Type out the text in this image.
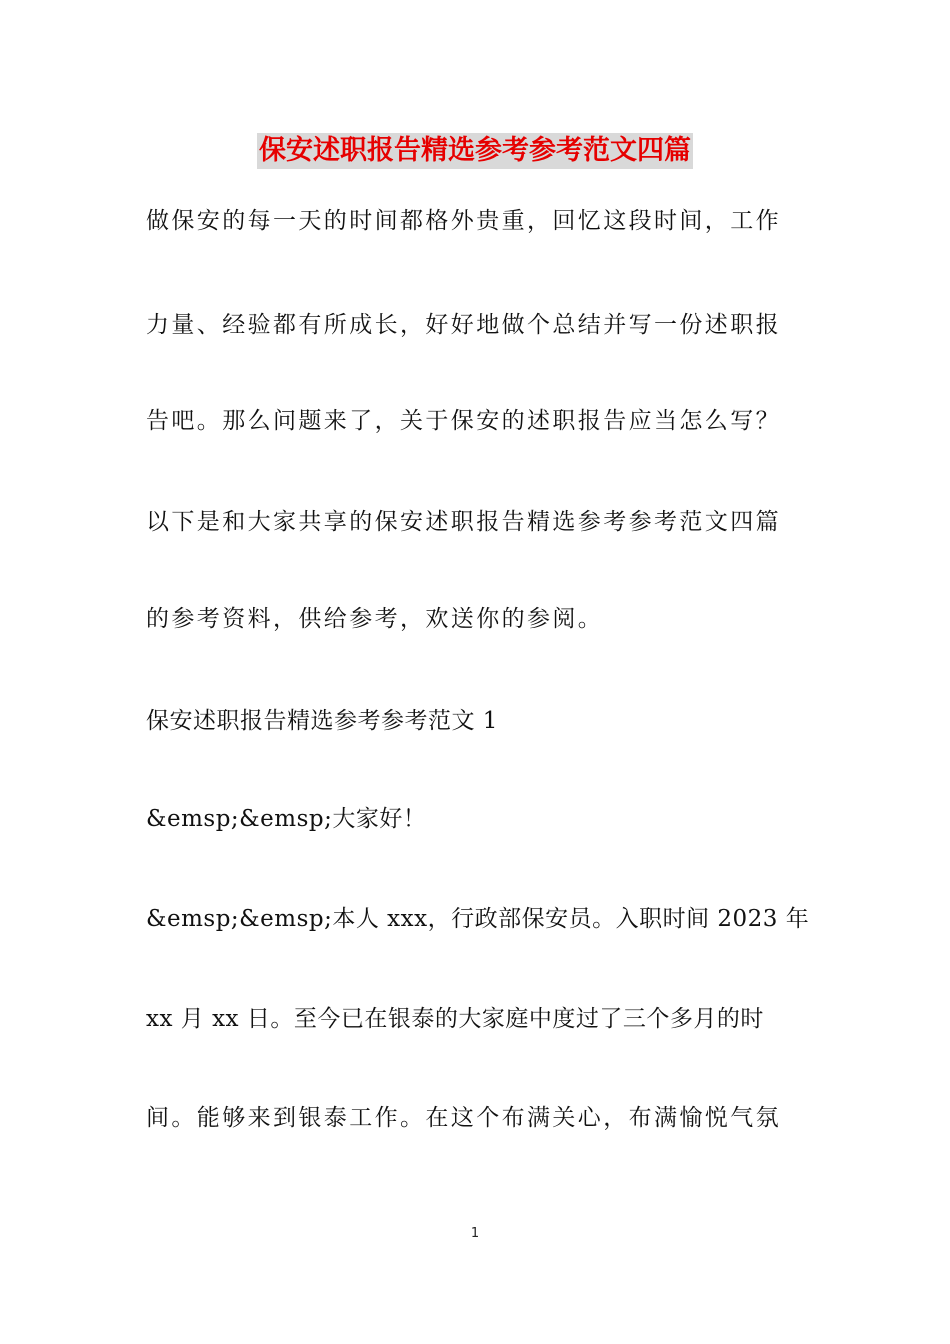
保安述职报告精选参考参考范文四篇
做保安的每一天的时间都格外贵重，回忆这段时间，工作
力量、经验都有所成长，好好地做个总结并写一份述职报
告吧。那么问题来了，关于保安的述职报告应当怎么写？
以下是和大家共享的保安述职报告精选参考参考范文四篇
的参考资料，供给参考，欢送你的参阅。
保安述职报告精选参考参考范文 1
&emsp;&emsp;大家好！
&emsp;&emsp;本人 xxx，行政部保安员。入职时间 2023 年
xx 月 xx 日。至今已在银泰的大家庭中度过了三个多月的时
间。能够来到银泰工作。在这个布满关心，布满愉悦气氛
1
